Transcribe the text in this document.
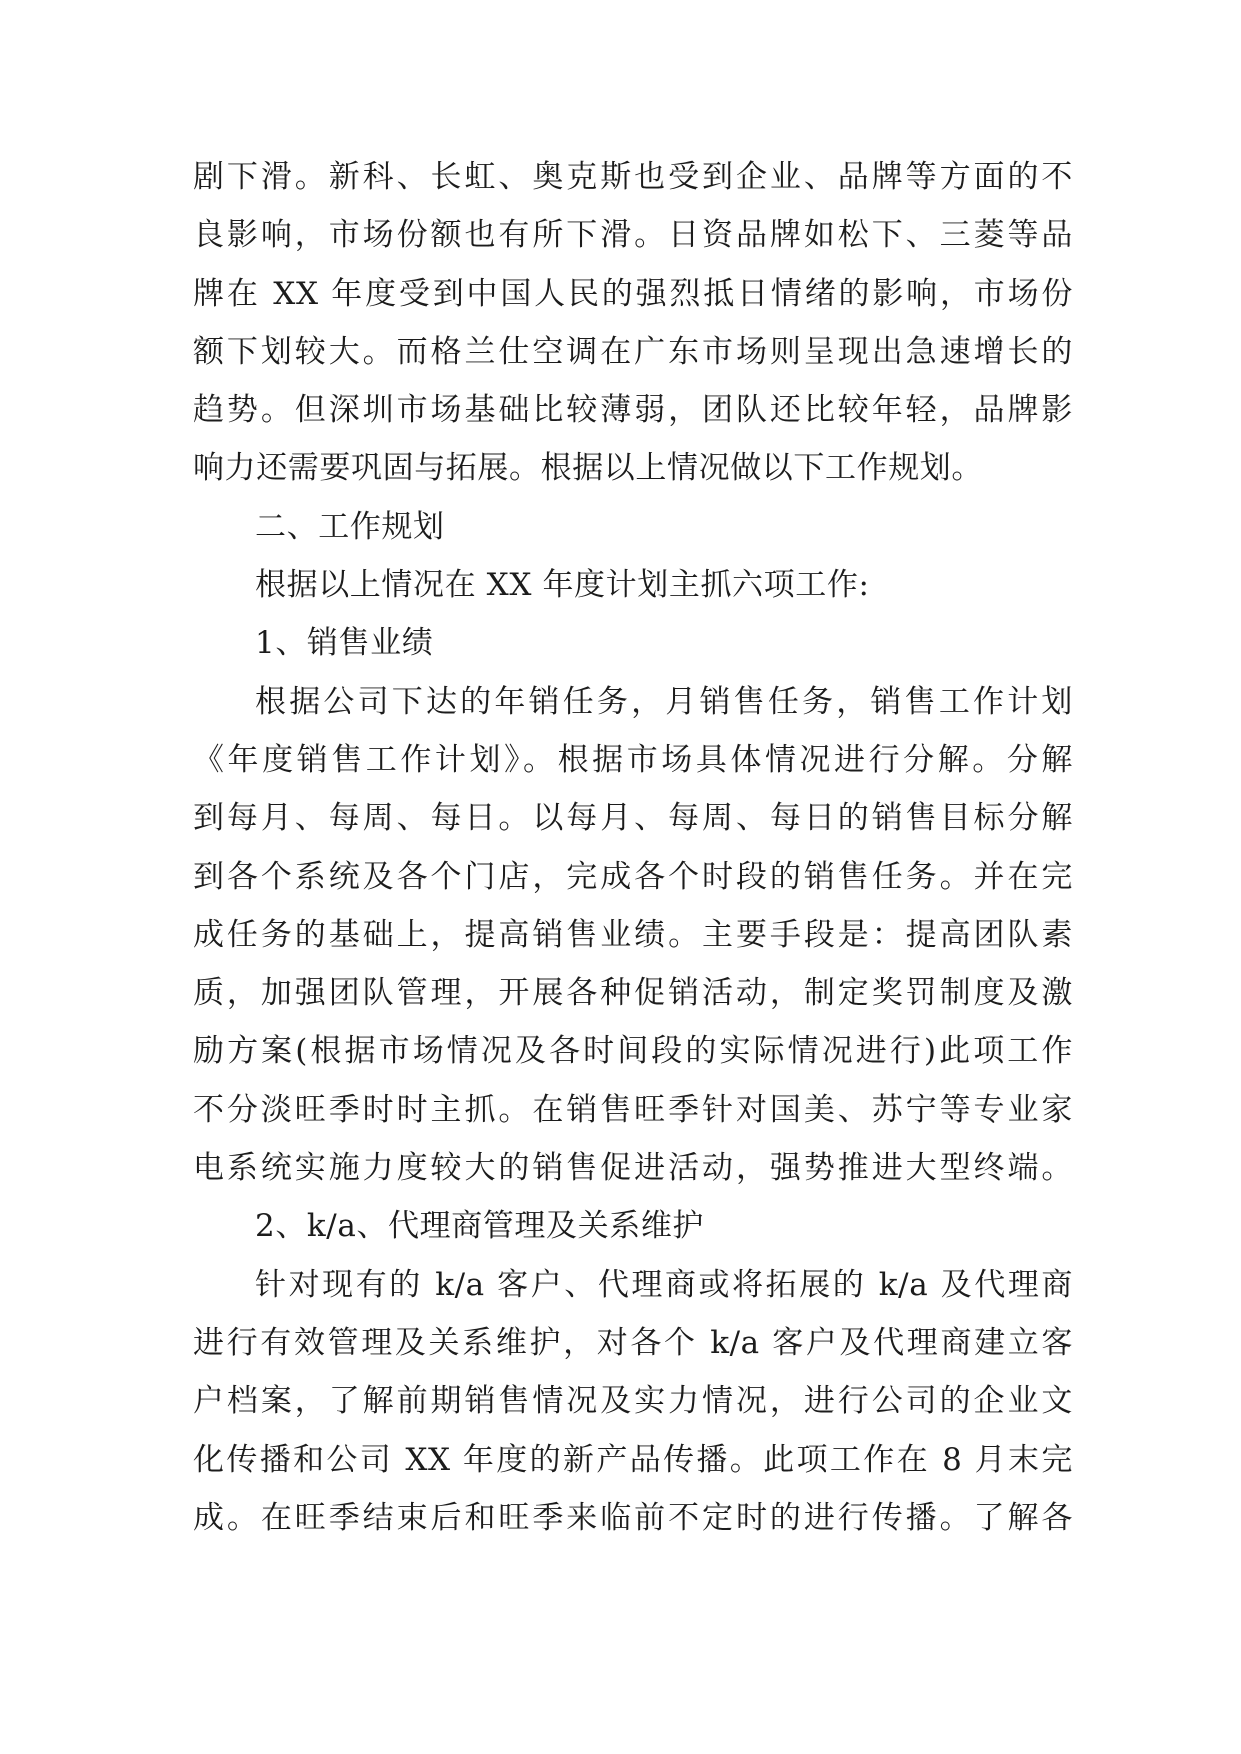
剧下滑。新科、长虹、奥克斯也受到企业、品牌等方面的不
良影响，市场份额也有所下滑。日资品牌如松下、三菱等品
牌在 XX 年度受到中国人民的强烈抵日情绪的影响，市场份
额下划较大。而格兰仕空调在广东市场则呈现出急速增长的
趋势。但深圳市场基础比较薄弱，团队还比较年轻，品牌影
响力还需要巩固与拓展。根据以上情况做以下工作规划。
二、工作规划
根据以上情况在 XX 年度计划主抓六项工作:
1、销售业绩
根据公司下达的年销任务，月销售任务，销售工作计划
《年度销售工作计划》。根据市场具体情况进行分解。分解
到每月、每周、每日。以每月、每周、每日的销售目标分解
到各个系统及各个门店，完成各个时段的销售任务。并在完
成任务的基础上，提高销售业绩。主要手段是：提高团队素
质，加强团队管理，开展各种促销活动，制定奖罚制度及激
励方案(根据市场情况及各时间段的实际情况进行)此项工作
不分淡旺季时时主抓。在销售旺季针对国美、苏宁等专业家
电系统实施力度较大的销售促进活动，强势推进大型终端。
2、k/a、代理商管理及关系维护
针对现有的 k/a 客户、代理商或将拓展的 k/a 及代理商
进行有效管理及关系维护，对各个 k/a 客户及代理商建立客
户档案，了解前期销售情况及实力情况，进行公司的企业文
化传播和公司 XX 年度的新产品传播。此项工作在 8 月末完
成。在旺季结束后和旺季来临前不定时的进行传播。了解各
